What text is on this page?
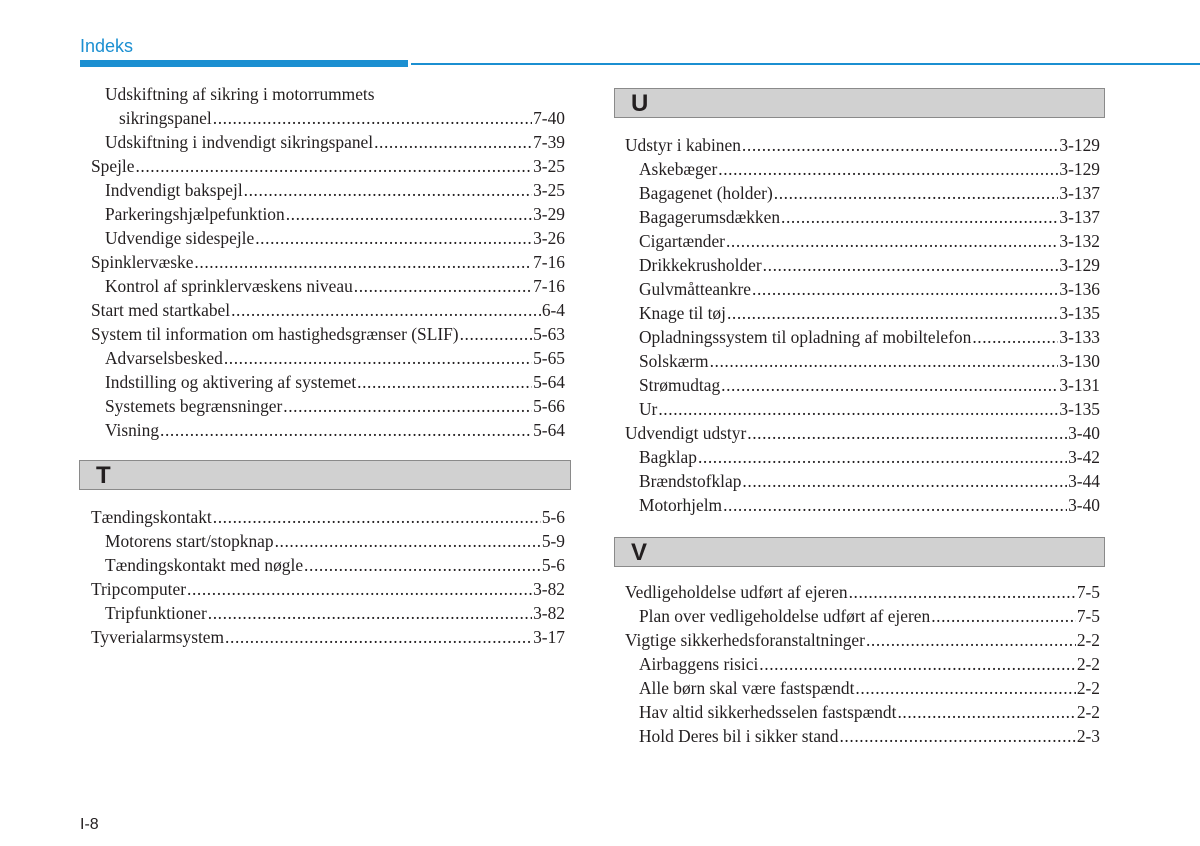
Indeks
Udskiftning af sikring i motorrummets
sikringspanel .....	7-40
Udskiftning i indvendigt sikringspanel .....	7-39
Spejle .....	3-25
Indvendigt bakspejl .....	3-25
Parkeringshjælpefunktion .....	3-29
Udvendige sidespejle .....	3-26
Spinklervæske .....	7-16
Kontrol af sprinklervæskens niveau .....	7-16
Start med startkabel .....	6-4
System til information om hastighedsgrænser (SLIF) .....	5-63
Advarselsbesked .....	5-65
Indstilling og aktivering af systemet .....	5-64
Systemets begrænsninger .....	5-66
Visning .....	5-64
T
Tændingskontakt .....	5-6
Motorens start/stopknap .....	5-9
Tændingskontakt med nøgle .....	5-6
Tripcomputer .....	3-82
Tripfunktioner .....	3-82
Tyverialarmsystem .....	3-17
U
Udstyr i kabinen .....	3-129
Askebæger .....	3-129
Bagagenet (holder) .....	3-137
Bagagerumsdækken .....	3-137
Cigartænder .....	3-132
Drikkekrusholder .....	3-129
Gulvmåtteankre .....	3-136
Knage til tøj .....	3-135
Opladningssystem til opladning af mobiltelefon .....	3-133
Solskærm .....	3-130
Strømudtag .....	3-131
Ur .....	3-135
Udvendigt udstyr .....	3-40
Bagklap .....	3-42
Brændstofklap .....	3-44
Motorhjelm .....	3-40
V
Vedligeholdelse udført af ejeren .....	7-5
Plan over vedligeholdelse udført af ejeren .....	7-5
Vigtige sikkerhedsforanstaltninger .....	2-2
Airbaggens risici .....	2-2
Alle børn skal være fastspændt .....	2-2
Hav altid sikkerhedsselen fastspændt .....	2-2
Hold Deres bil i sikker stand .....	2-3
I-8
